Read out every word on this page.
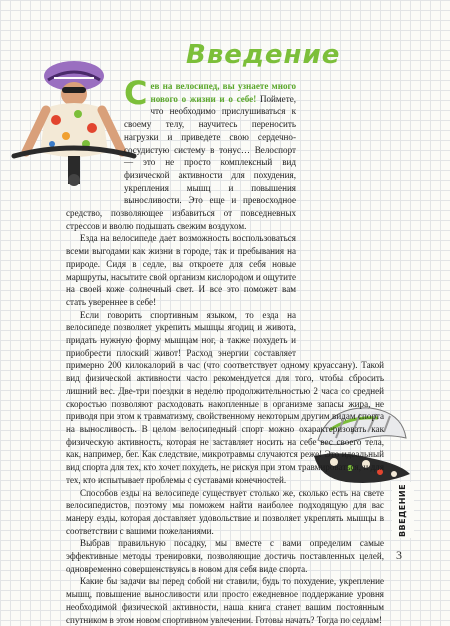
Введение

Сев на велосипед, вы узнаете много нового о жизни и о себе! Поймете, что необходимо прислушиваться к своему телу, научитесь переносить нагрузки и приведете свою сердечно-сосудистую систему в тонус… Велоспорт — это не просто комплексный вид физической активности для похудения, укрепления мышц и повышения выносливости. Это еще и превосходное средство, позволяющее избавиться от повседневных стрессов и вволю подышать свежим воздухом.

Езда на велосипеде дает возможность воспользоваться всеми выгодами как жизни в городе, так и пребывания на природе. Сидя в седле, вы откроете для себя новые маршруты, насытите свой организм кислородом и ощутите на своей коже солнечный свет. И все это поможет вам стать увереннее в себе!

Если говорить спортивным языком, то езда на велосипеде позволяет укрепить мышцы ягодиц и живота, придать нужную форму мышцам ног, а также похудеть и приобрести плоский живот! Расход энергии составляет примерно 200 килокалорий в час (что соответствует одному круассану). Такой вид физической активности часто рекомендуется для того, чтобы сбросить лишний вес. Две-три поездки в неделю продолжительностью 2 часа со средней скоростью позволяют расходовать накопленные в организме запасы жира, не приводя при этом к травматизму, свойственному некоторым другим видам спорта на выносливость. В целом велосипедный спорт можно охарактеризовать как физическую активность, которая не заставляет носить на себе вес своего тела, как, например, бег. Как следствие, микротравмы случаются реже! Это идеальный вид спорта для тех, кто хочет похудеть, не рискуя при этом травмироваться, и для тех, кто испытывает проблемы с суставами конечностей.

Способов езды на велосипеде существует столько же, сколько есть на свете велосипедистов, поэтому мы поможем найти наиболее подходящую для вас манеру езды, которая доставляет удовольствие и позволяет укреплять мышцы в соответствии с вашими пожеланиями.

Выбрав правильную посадку, мы вместе с вами определим самые эффективные методы тренировки, позволяющие достичь поставленных целей, одновременно совершенствуясь в новом для себя виде спорта.

Какие бы задачи вы перед собой ни ставили, будь то похудение, укрепление мышц, повышение выносливости или просто ежедневное поддержание уровня необходимой физической активности, наша книга станет вашим постоянным спутником в этом новом спортивном увлечении. Готовы начать? Тогда по седлам!

ВВЕДЕНИЕ
3
